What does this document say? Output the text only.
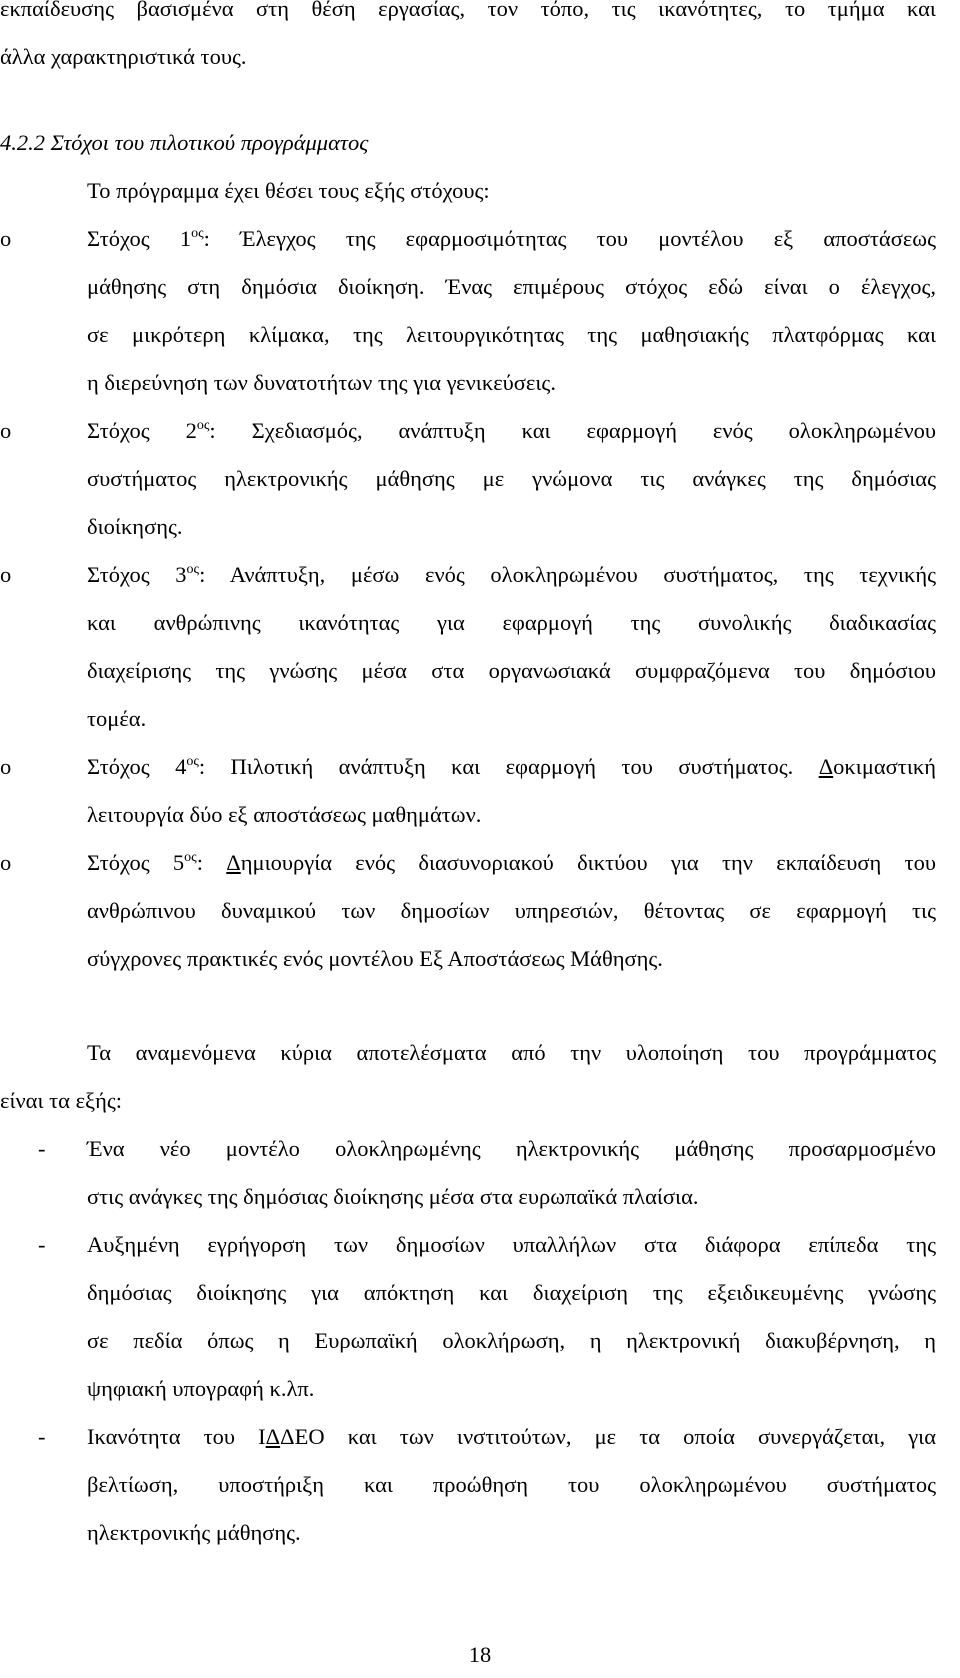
εκπαίδευσης βασισμένα στη θέση εργασίας, τον τόπο, τις ικανότητες, το τμήμα και
άλλα χαρακτηριστικά τους.
4.2.2 Στόχοι του πιλοτικού προγράμματος
Το πρόγραμμα έχει θέσει τους εξής στόχους:
o	Στόχος $1^{o\varsigma}$: Έλεγχος της εφαρμοσιμότητας του μοντέλου εξ αποστάσεως
μάθησης στη δημόσια διοίκηση. Ένας επιμέρους στόχος εδώ είναι ο έλεγχος,
σε μικρότερη κλίμακα, της λειτουργικότητας της μαθησιακής πλατφόρμας και
η διερεύνηση των δυνατοτήτων της για γενικεύσεις.
o	Στόχος $2^{o\varsigma}$: Σχεδιασμός, ανάπτυξη και εφαρμογή ενός ολοκληρωμένου
συστήματος ηλεκτρονικής μάθησης με γνώμονα τις ανάγκες της δημόσιας
διοίκησης.
o	Στόχος $3^{o\varsigma}$: Ανάπτυξη, μέσω ενός ολοκληρωμένου συστήματος, της τεχνικής
και ανθρώπινης ικανότητας για εφαρμογή της συνολικής διαδικασίας
διαχείρισης της γνώσης μέσα στα οργανωσιακά συμφραζόμενα του δημόσιου
τομέα.
o	Στόχος $4^{o\varsigma}$: Πιλοτική ανάπτυξη και εφαρμογή του συστήματος. Δοκιμαστική
λειτουργία δύο εξ αποστάσεως μαθημάτων.
o	Στόχος $5^{o\varsigma}$: Δημιουργία ενός διασυνοριακού δικτύου για την εκπαίδευση του
ανθρώπινου δυναμικού των δημοσίων υπηρεσιών, θέτοντας σε εφαρμογή τις
σύγχρονες πρακτικές ενός μοντέλου Εξ Αποστάσεως Μάθησης.
Τα αναμενόμενα κύρια αποτελέσματα από την υλοποίηση του προγράμματος
είναι τα εξής:
- Ένα νέο μοντέλο ολοκληρωμένης ηλεκτρονικής μάθησης προσαρμοσμένο
στις ανάγκες της δημόσιας διοίκησης μέσα στα ευρωπαϊκά πλαίσια.
- Αυξημένη εγρήγορση των δημοσίων υπαλλήλων στα διάφορα επίπεδα της
δημόσιας διοίκησης για απόκτηση και διαχείριση της εξειδικευμένης γνώσης
σε πεδία όπως η Ευρωπαϊκή ολοκλήρωση, η ηλεκτρονική διακυβέρνηση, η
ψηφιακή υπογραφή κ.λπ.
- Ικανότητα του ΙΔΔΕΟ και των ινστιτούτων, με τα οποία συνεργάζεται, για
βελτίωση, υποστήριξη και προώθηση του ολοκληρωμένου συστήματος
ηλεκτρονικής μάθησης.
18
